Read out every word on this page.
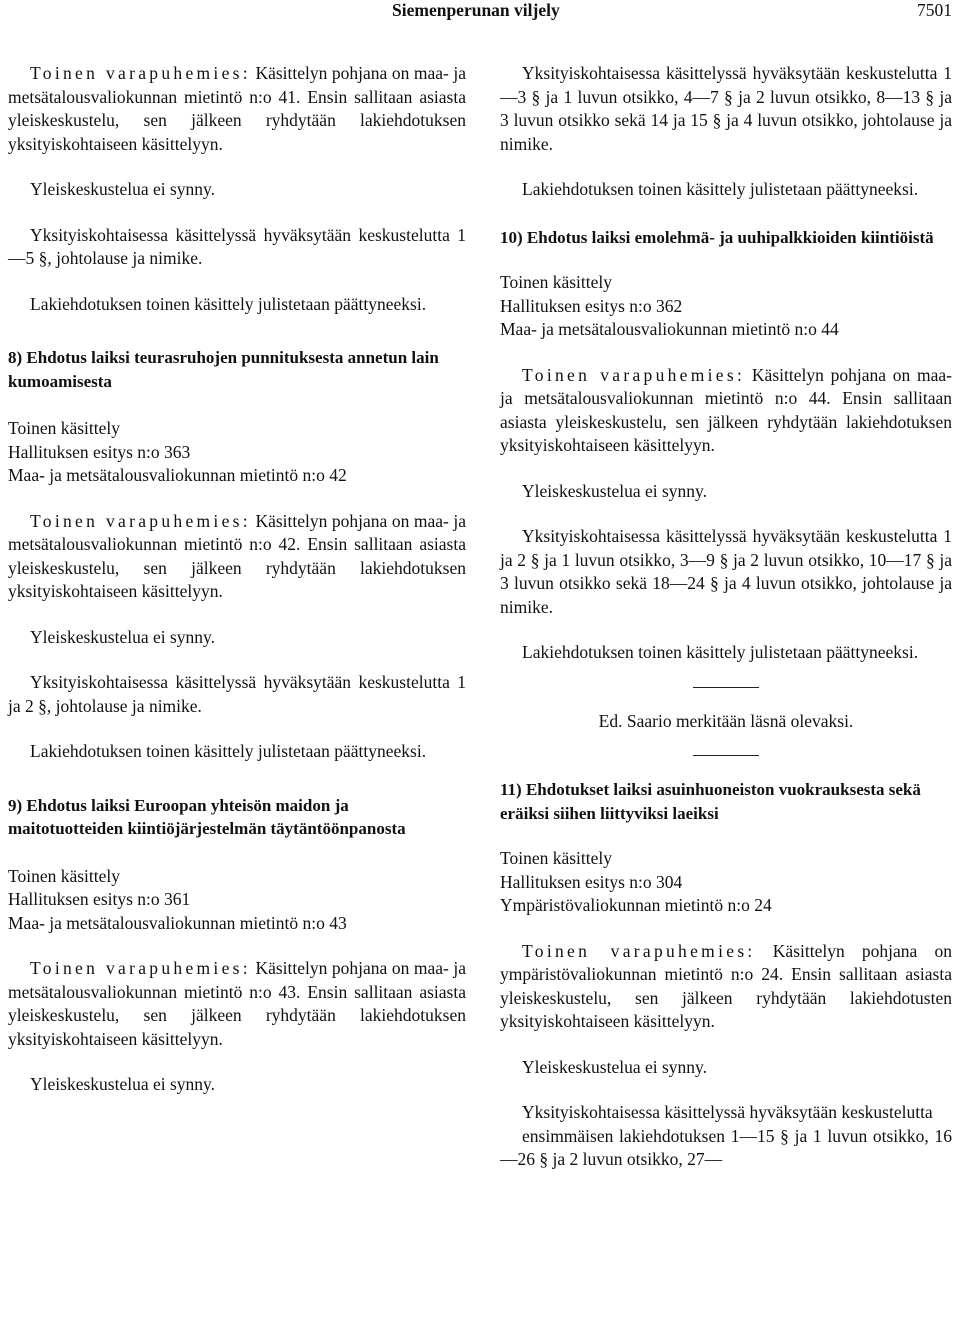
Siemenperunan viljely	7501

Toinen varapuhemies: Käsittelyn pohjana on maa- ja metsätalousvaliokunnan mietintö n:o 41. Ensin sallitaan asiasta yleiskeskustelu, sen jälkeen ryhdytään lakiehdotuksen yksityiskohtaiseen käsittelyyn.

Yleiskeskustelua ei synny.

Yksityiskohtaisessa käsittelyssä hyväksytään keskustelutta 1—5 §, johtolause ja nimike.

Lakiehdotuksen toinen käsittely julistetaan päättyneeksi.

8) Ehdotus laiksi teurasruhojen punnituksesta annetun lain kumoamisesta

Toinen käsittely
Hallituksen esitys n:o 363
Maa- ja metsätalousvaliokunnan mietintö n:o 42

Toinen varapuhemies: Käsittelyn pohjana on maa- ja metsätalousvaliokunnan mietintö n:o 42. Ensin sallitaan asiasta yleiskeskustelu, sen jälkeen ryhdytään lakiehdotuksen yksityiskohtaiseen käsittelyyn.

Yleiskeskustelua ei synny.

Yksityiskohtaisessa käsittelyssä hyväksytään keskustelutta 1 ja 2 §, johtolause ja nimike.

Lakiehdotuksen toinen käsittely julistetaan päättyneeksi.

9) Ehdotus laiksi Euroopan yhteisön maidon ja maitotuotteiden kiintiöjärjestelmän täytäntöönpanosta

Toinen käsittely
Hallituksen esitys n:o 361
Maa- ja metsätalousvaliokunnan mietintö n:o 43

Toinen varapuhemies: Käsittelyn pohjana on maa- ja metsätalousvaliokunnan mietintö n:o 43. Ensin sallitaan asiasta yleiskeskustelu, sen jälkeen ryhdytään lakiehdotuksen yksityiskohtaiseen käsittelyyn.

Yleiskeskustelua ei synny.

Yksityiskohtaisessa käsittelyssä hyväksytään keskustelutta 1—3 § ja 1 luvun otsikko, 4—7 § ja 2 luvun otsikko, 8—13 § ja 3 luvun otsikko sekä 14 ja 15 § ja 4 luvun otsikko, johtolause ja nimike.

Lakiehdotuksen toinen käsittely julistetaan päättyneeksi.

10) Ehdotus laiksi emolehmä- ja uuhipalkkioiden kiintiöistä

Toinen käsittely
Hallituksen esitys n:o 362
Maa- ja metsätalousvaliokunnan mietintö n:o 44

Toinen varapuhemies: Käsittelyn pohjana on maa- ja metsätalousvaliokunnan mietintö n:o 44. Ensin sallitaan asiasta yleiskeskustelu, sen jälkeen ryhdytään lakiehdotuksen yksityiskohtaiseen käsittelyyn.

Yleiskeskustelua ei synny.

Yksityiskohtaisessa käsittelyssä hyväksytään keskustelutta 1 ja 2 § ja 1 luvun otsikko, 3—9 § ja 2 luvun otsikko, 10—17 § ja 3 luvun otsikko sekä 18—24 § ja 4 luvun otsikko, johtolause ja nimike.

Lakiehdotuksen toinen käsittely julistetaan päättyneeksi.

Ed. Saario merkitään läsnä olevaksi.

11) Ehdotukset laiksi asuinhuoneiston vuokrauksesta sekä eräiksi siihen liittyviksi laeiksi

Toinen käsittely
Hallituksen esitys n:o 304
Ympäristövaliokunnan mietintö n:o 24

Toinen varapuhemies: Käsittelyn pohjana on ympäristövaliokunnan mietintö n:o 24. Ensin sallitaan asiasta yleiskeskustelu, sen jälkeen ryhdytään lakiehdotusten yksityiskohtaiseen käsittelyyn.

Yleiskeskustelua ei synny.

Yksityiskohtaisessa käsittelyssä hyväksytään keskustelutta

ensimmäisen lakiehdotuksen 1—15 § ja 1 luvun otsikko, 16—26 § ja 2 luvun otsikko, 27—
